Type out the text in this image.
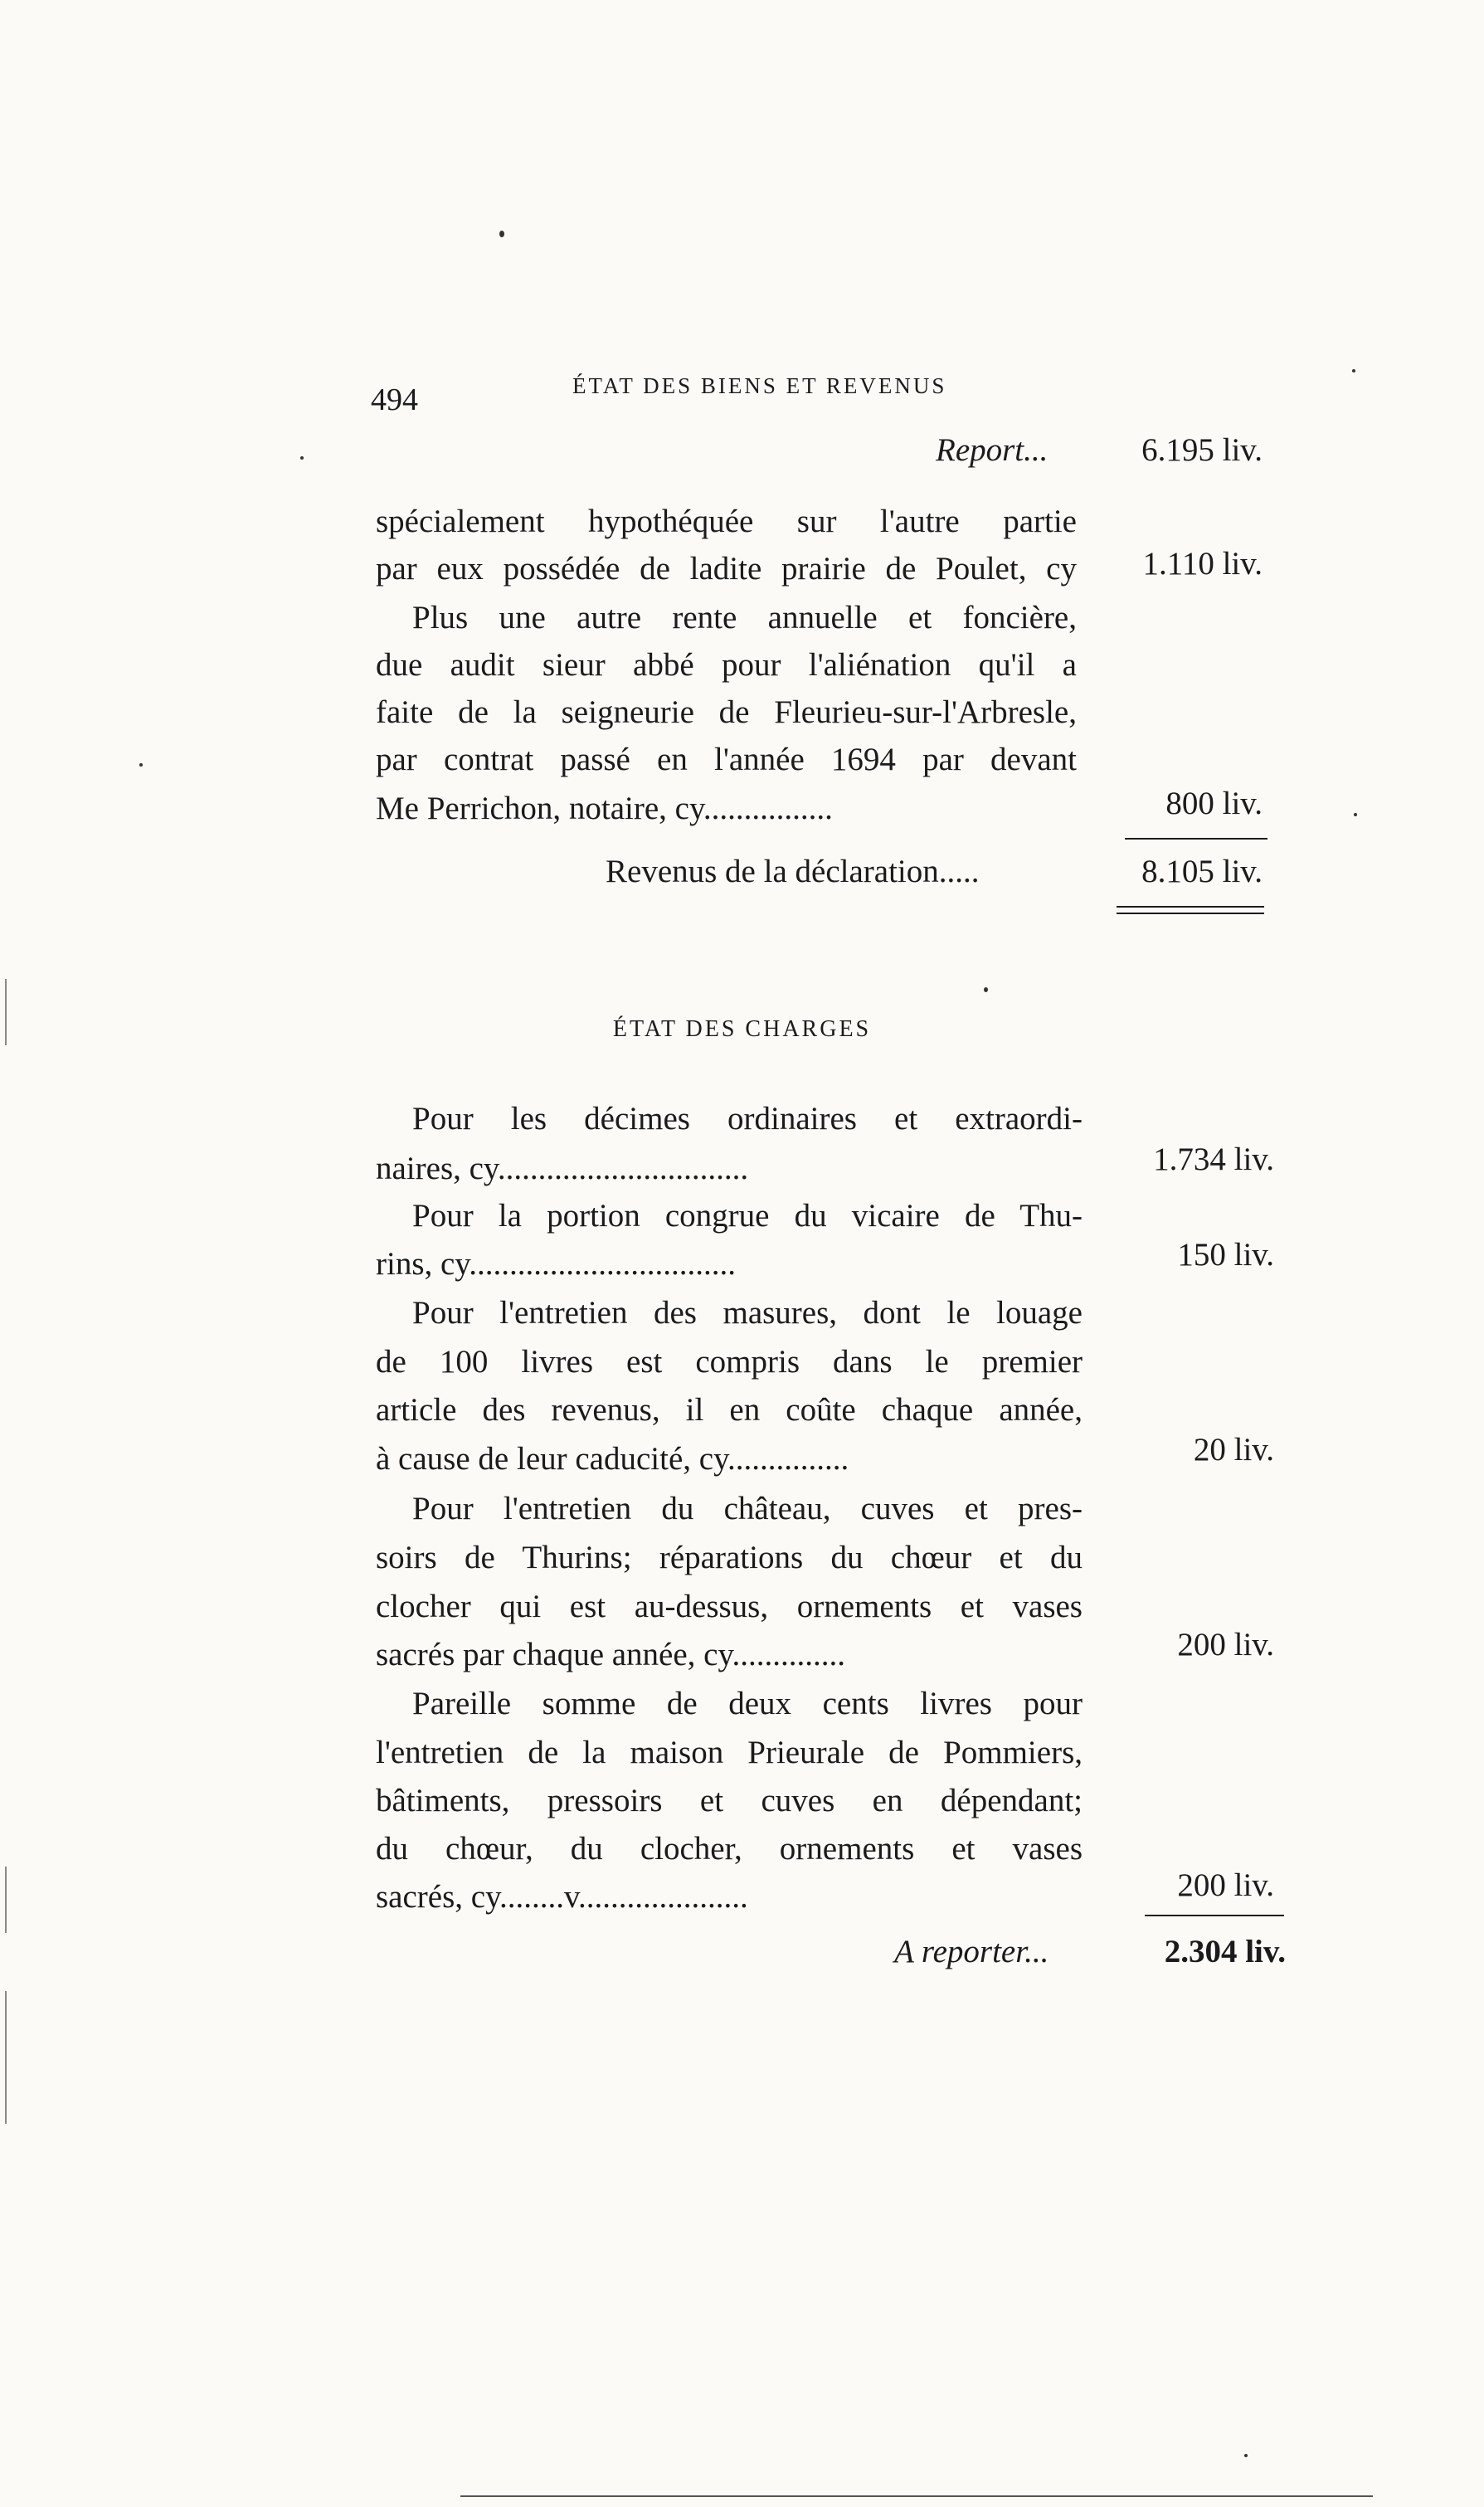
494	ÉTAT DES BIENS ET REVENUS
Report...	6.195 liv.
spécialement hypothéquée sur l'autre partie
par eux possédée de ladite prairie de Poulet, cy	1.110 liv.
Plus une autre rente annuelle et foncière,
due audit sieur abbé pour l'aliénation qu'il a
faite de la seigneurie de Fleurieu-sur-l'Arbresle,
par contrat passé en l'année 1694 par devant
Me Perrichon, notaire, cy................	800 liv.
Revenus de la déclaration.....	8.105 liv.
ÉTAT DES CHARGES
Pour les décimes ordinaires et extraordi-
naires, cy...............................	1.734 liv.
Pour la portion congrue du vicaire de Thu-
rins, cy.................................	150 liv.
Pour l'entretien des masures, dont le louage
de 100 livres est compris dans le premier
article des revenus, il en coûte chaque année,
à cause de leur caducité, cy...............	20 liv.
Pour l'entretien du château, cuves et pres-
soirs de Thurins; réparations du chœur et du
clocher qui est au-dessus, ornements et vases
sacrés par chaque année, cy..............	200 liv.
Pareille somme de deux cents livres pour
l'entretien de la maison Prieurale de Pommiers,
bâtiments, pressoirs et cuves en dépendant;
du chœur, du clocher, ornements et vases
sacrés, cy........v.....................	200 liv.
A reporter...	2.304 liv.
